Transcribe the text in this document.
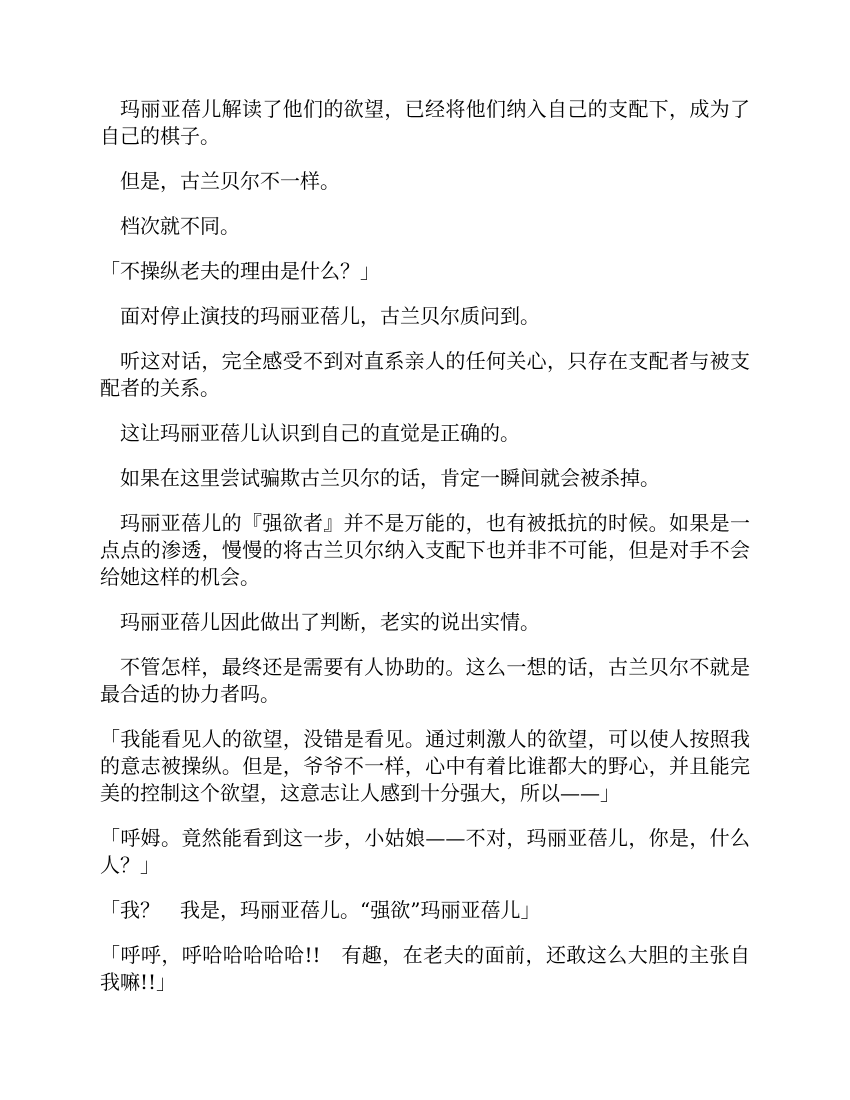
玛丽亚蓓儿解读了他们的欲望，已经将他们纳入自己的支配下，成为了自己的棋子。

但是，古兰贝尔不一样。

档次就不同。

「不操纵老夫的理由是什么？」

面对停止演技的玛丽亚蓓儿，古兰贝尔质问到。

听这对话，完全感受不到对直系亲人的任何关心，只存在支配者与被支配者的关系。

这让玛丽亚蓓儿认识到自己的直觉是正确的。

如果在这里尝试骗欺古兰贝尔的话，肯定一瞬间就会被杀掉。

玛丽亚蓓儿的『强欲者』并不是万能的，也有被抵抗的时候。如果是一点点的渗透，慢慢的将古兰贝尔纳入支配下也并非不可能，但是对手不会给她这样的机会。

玛丽亚蓓儿因此做出了判断，老实的说出实情。

不管怎样，最终还是需要有人协助的。这么一想的话，古兰贝尔不就是最合适的协力者吗。

「我能看见人的欲望，没错是看见。通过刺激人的欲望，可以使人按照我的意志被操纵。但是，爷爷不一样，心中有着比谁都大的野心，并且能完美的控制这个欲望，这意志让人感到十分强大，所以——」

「呼姆。竟然能看到这一步，小姑娘——不对，玛丽亚蓓儿，你是，什么人？」

「我？　我是，玛丽亚蓓儿。“强欲”玛丽亚蓓儿」

「呼呼，呼哈哈哈哈哈!!　有趣，在老夫的面前，还敢这么大胆的主张自我嘛!!」
